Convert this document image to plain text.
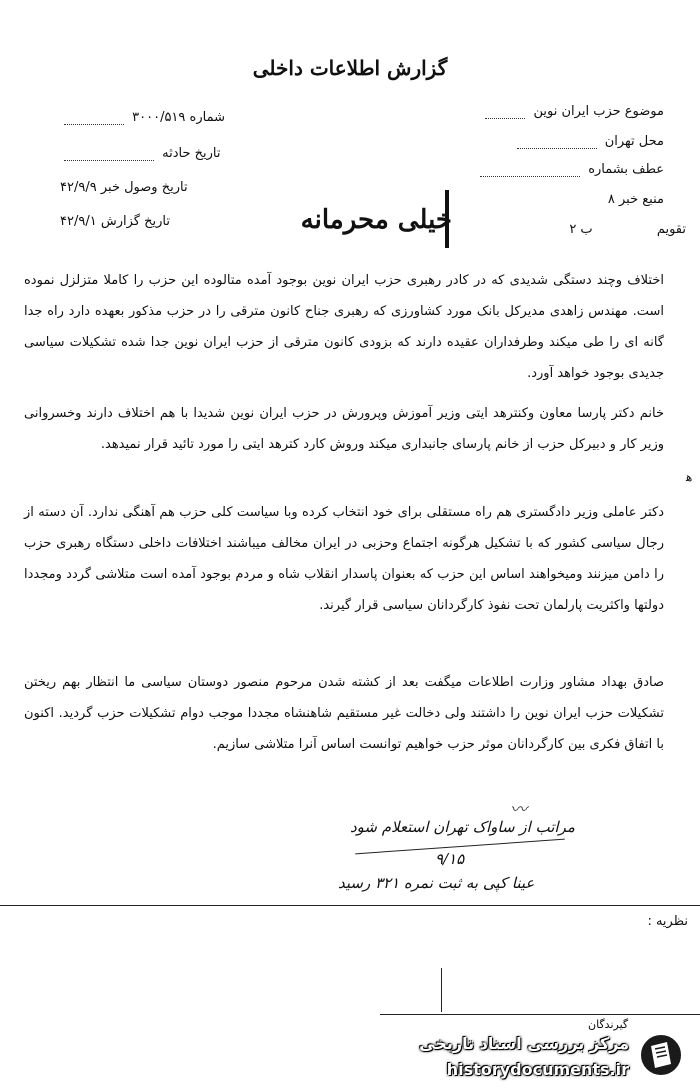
گزارش اطلاعات داخلی
شماره ۳۰۰۰/۵۱۹
تاریخ حادثه
تاریخ وصول خبر ۴۲/۹/۹
تاریخ گزارش ۴۲/۹/۱
موضوع حزب ایران نوین
محل تهران
عطف بشماره
منبع خبر ۸
تقویم ب ۲
خیلی محرمانه
اختلاف وچند دستگی شدیدی که در کادر رهبری حزب ایران نوین بوجود آمده متالوده این حزب را کاملا متزلزل نموده است. مهندس زاهدی مدیرکل بانک مورد کشاورزی که رهبری جناح کانون مترقی را در حزب مذکور بعهده دارد راه جدا گانه ای را طی میکند وطرفداران عقیده دارند که بزودی کانون مترقی از حزب ایران نوین جدا شده تشکیلات سیاسی جدیدی بوجود خواهد آورد.
خانم دکتر پارسا معاون وکنترهد ایتی وزیر آموزش وپرورش در حزب ایران نوین شدیدا با هم اختلاف دارند وخسروانی وزیر کار و دبیرکل حزب از خانم پارسای جانبداری میکند وروش کارد کترهد ایتی را مورد تائید قرار نمیدهد.
دکتر عاملی وزیر دادگستری هم راه مستقلی برای خود انتخاب کرده وبا سیاست کلی حزب هم آهنگی ندارد. آن دسته از رجال سیاسی کشور که با تشکیل هرگونه اجتماع وحزبی در ایران مخالف میباشند اختلافات داخلی دستگاه رهبری حزب را دامن میزنند ومیخواهند اساس این حزب که بعنوان پاسدار انقلاب شاه و مردم بوجود آمده است متلاشی گردد ومجددا دولتها واکثریت پارلمان تحت نفوذ کارگردانان سیاسی قرار گیرند.
صادق بهداد مشاور وزارت اطلاعات میگفت بعد از کشته شدن مرحوم منصور دوستان سیاسی ما انتظار بهم ریختن تشکیلات حزب ایران نوین را داشتند ولی دخالت غیر مستقیم شاهنشاه مجددا موجب دوام تشکیلات حزب گردید. اکنون با اتفاق فکری بین کارگردانان موثر حزب خواهیم توانست اساس آنرا متلاشی سازیم.
〰
مراتب از ساواک تهران استعلام شود
۹/۱۵
عینا کپی به ثبت نمره ۳۲۱ رسید
نظریه :
گیرندگان
ﻫ
مرکز بررسی اسناد تاریخی
historydocuments.ir
